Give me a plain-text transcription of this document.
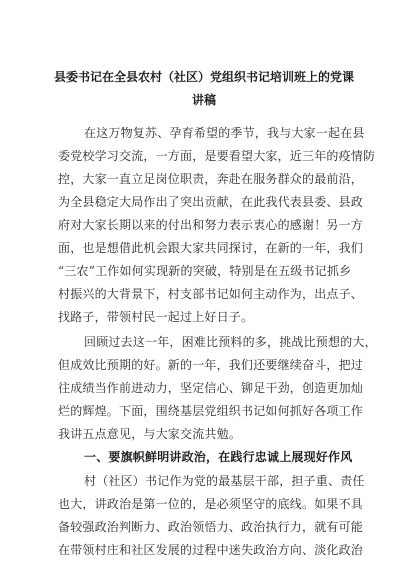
县委书记在全县农村（社区）党组织书记培训班上的党课
讲稿

在这万物复苏、孕育希望的季节，我与大家一起在县

委党校学习交流，一方面，是要看望大家，近三年的疫情防

控，大家一直立足岗位职责，奔赴在服务群众的最前沿，

为全县稳定大局作出了突出贡献，在此我代表县委、县政

府对大家长期以来的付出和努力表示衷心的感谢！另一方

面，也是想借此机会跟大家共同探讨，在新的一年，我们

“三农”工作如何实现新的突破，特别是在五级书记抓乡

村振兴的大背景下，村支部书记如何主动作为，出点子、

找路子，带领村民一起过上好日子。

回顾过去这一年，困难比预料的多，挑战比预想的大，

但成效比预期的好。新的一年，我们还要继续奋斗，把过

往成绩当作前进动力，坚定信心、铆足干劲，创造更加灿

烂的辉煌。下面，围绕基层党组织书记如何抓好各项工作

我讲五点意见，与大家交流共勉。

一、要旗帜鲜明讲政治，在践行忠诚上展现好作风

村（社区）书记作为党的最基层干部，担子重、责任

也大，讲政治是第一位的，是必须坚守的底线。如果不具

备较强政治判断力、政治领悟力、政治执行力，就有可能

在带领村庄和社区发展的过程中迷失政治方向、淡化政治
